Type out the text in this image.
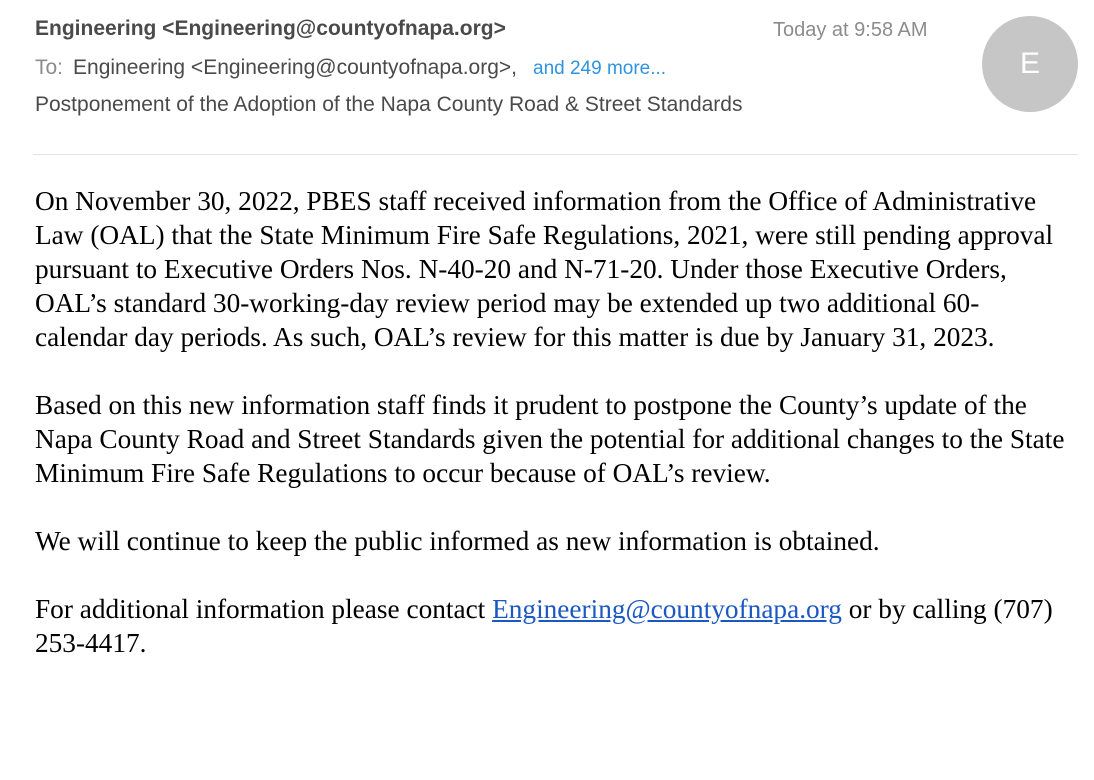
Engineering <Engineering@countyofnapa.org>	Today at 9:58 AM
To: Engineering <Engineering@countyofnapa.org>, and 249 more...
Postponement of the Adoption of the Napa County Road & Street Standards
E

On November 30, 2022, PBES staff received information from the Office of Administrative Law (OAL) that the State Minimum Fire Safe Regulations, 2021, were still pending approval pursuant to Executive Orders Nos. N-40-20 and N-71-20. Under those Executive Orders, OAL’s standard 30-working-day review period may be extended up two additional 60-calendar day periods. As such, OAL’s review for this matter is due by January 31, 2023.

Based on this new information staff finds it prudent to postpone the County’s update of the Napa County Road and Street Standards given the potential for additional changes to the State Minimum Fire Safe Regulations to occur because of OAL’s review.

We will continue to keep the public informed as new information is obtained.

For additional information please contact Engineering@countyofnapa.org or by calling (707) 253-4417.
